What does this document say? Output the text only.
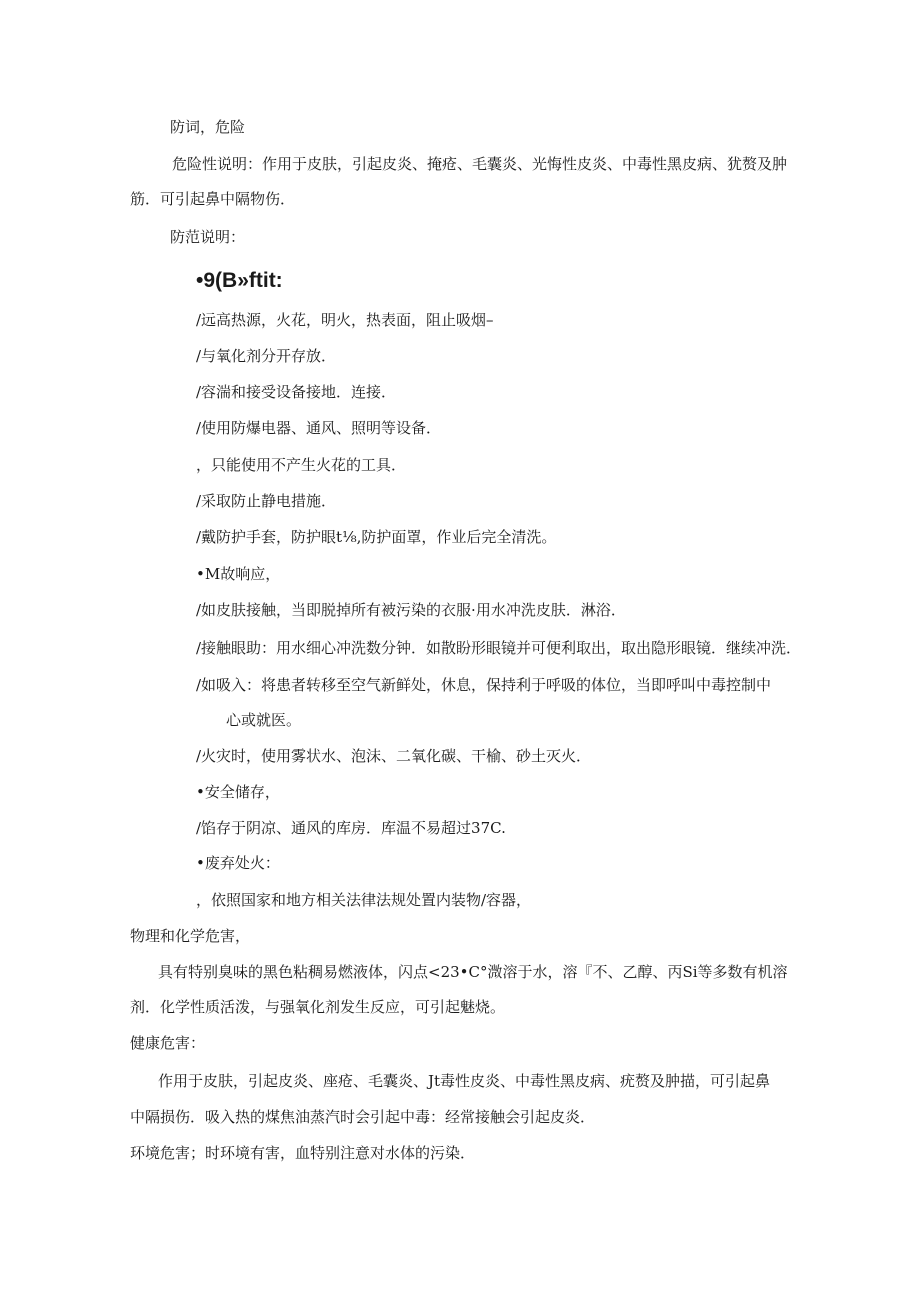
防词，危险
危险性说明：作用于皮肤，引起皮炎、掩疮、毛囊炎、光悔性皮炎、中毒性黑皮病、犹赘及肿
筋．可引起鼻中隔物伤．
防范说明：
•9(B»ftit:
/远高热源，火花，明火，热表面，阻止吸烟–
/与氧化剂分开存放．
/容湍和接受设备接地．连接．
/使用防爆电器、通风、照明等设备．
，只能使用不产生火花的工具．
/采取防止静电措施．
/戴防护手套，防护眼t⅛,防护面罩，作业后完全清洗。
•M故响应，
/如皮肤接触，当即脱掉所有被污染的衣服·用水冲洗皮肤．淋浴．
/接触眼助：用水细心冲洗数分钟．如散盼形眼镜并可便利取出，取出隐形眼镜．继续冲洗．
/如吸入：将患者转移至空气新鲜处，休息，保持利于呼吸的体位，当即呼叫中毒控制中
心或就医。
/火灾时，使用雾状水、泡沫、二氧化碳、干榆、砂土灭火．
•安全储存，
/馅存于阴凉、通风的库房．库温不易超过37C.
•废弃处火：
，依照国家和地方相关法律法规处置内装物/容器，
物理和化学危害，
具有特别臭味的黑色粘稠易燃液体，闪点<23•C°溦溶于水，溶『不、乙醇、丙Si等多数有机溶
剂．化学性质活泼，与强氧化剂发生反应，可引起魅烧。
健康危害：
作用于皮肤，引起皮炎、座疮、毛囊炎、Jt毒性皮炎、中毒性黑皮病、疣赘及肿描，可引起鼻
中隔损伤．吸入热的煤焦油蒸汽时会引起中毒：经常接触会引起皮炎．
环境危害；时环境有害，血特别注意对水体的污染．
